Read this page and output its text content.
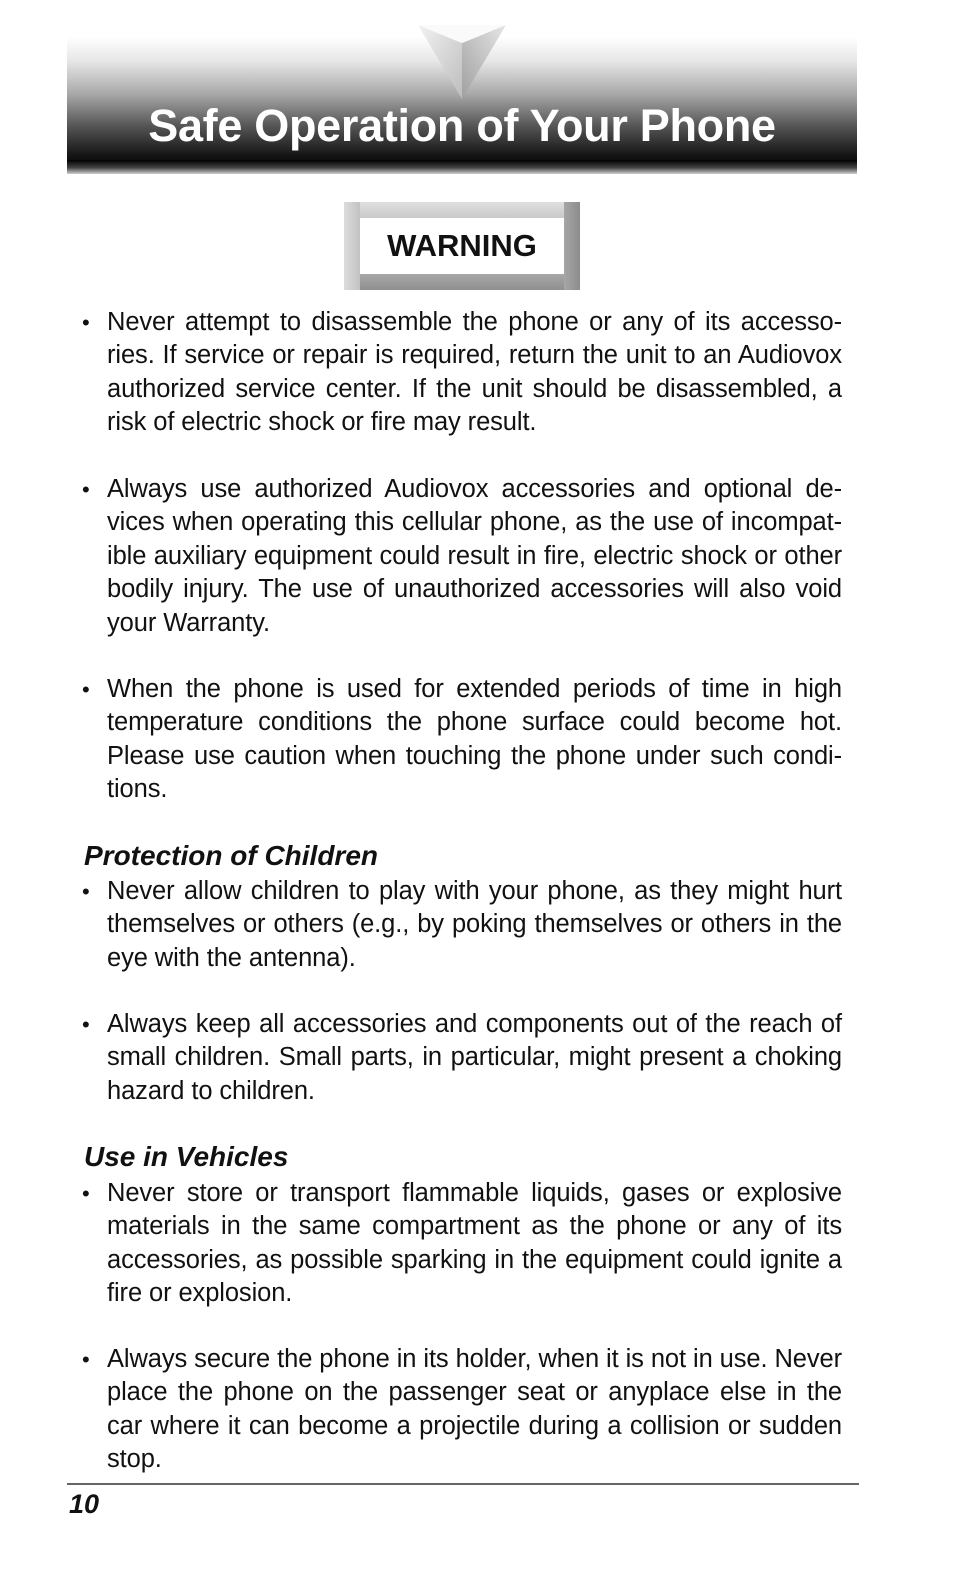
Safe Operation of Your Phone
WARNING
• Never attempt to disassemble the phone or any of its accesso-ries. If service or repair is required, return the unit to an Audiovox authorized service center. If the unit should be disassembled, a risk of electric shock or fire may result.
• Always use authorized Audiovox accessories and optional de-vices when operating this cellular phone, as the use of incompat-ible auxiliary equipment could result in fire, electric shock or other bodily injury. The use of unauthorized accessories will also void your Warranty.
• When the phone is used for extended periods of time in high temperature conditions the phone surface could become hot. Please use caution when touching the phone under such condi-tions.
Protection of Children
• Never allow children to play with your phone, as they might hurt themselves or others (e.g., by poking themselves or others in the eye with the antenna).
• Always keep all accessories and components out of the reach of small children. Small parts, in particular, might present a choking hazard to children.
Use in Vehicles
• Never store or transport flammable liquids, gases or explosive materials in the same compartment as the phone or any of its accessories, as possible sparking in the equipment could ignite a fire or explosion.
• Always secure the phone in its holder, when it is not in use. Never place the phone on the passenger seat or anyplace else in the car where it can become a projectile during a collision or sudden stop.
10
